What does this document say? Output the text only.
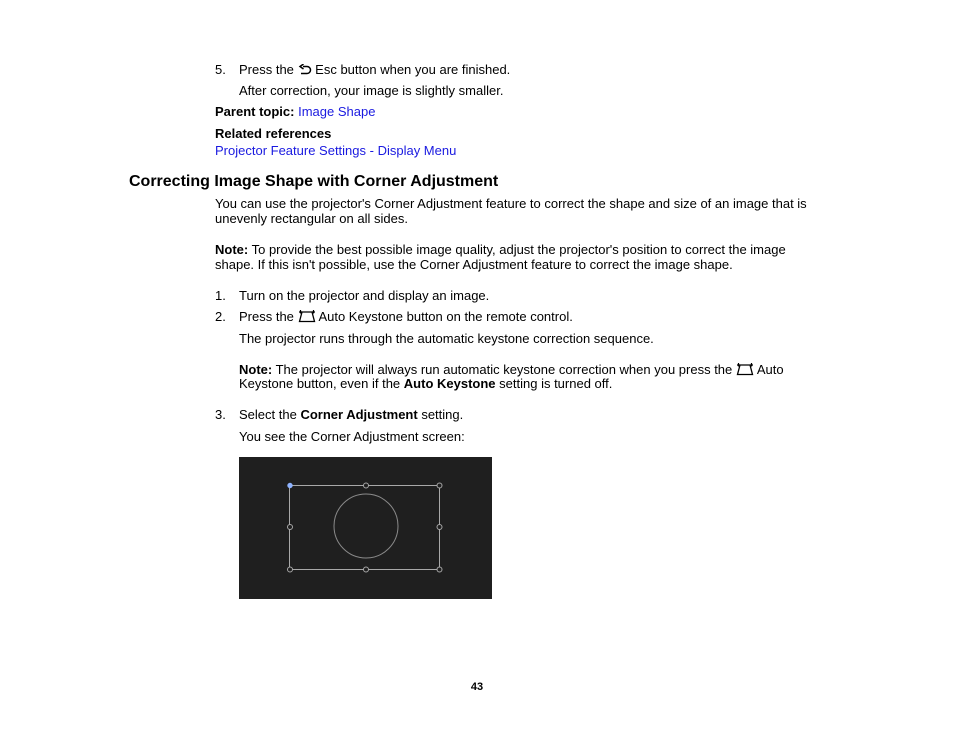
5. Press the Esc button when you are finished.
After correction, your image is slightly smaller.
Parent topic: Image Shape
Related references
Projector Feature Settings - Display Menu
Correcting Image Shape with Corner Adjustment
You can use the projector's Corner Adjustment feature to correct the shape and size of an image that is
unevenly rectangular on all sides.
Note: To provide the best possible image quality, adjust the projector's position to correct the image
shape. If this isn't possible, use the Corner Adjustment feature to correct the image shape.
1. Turn on the projector and display an image.
2. Press the Auto Keystone button on the remote control.
The projector runs through the automatic keystone correction sequence.
Note: The projector will always run automatic keystone correction when you press the Auto
Keystone button, even if the Auto Keystone setting is turned off.
3. Select the Corner Adjustment setting.
You see the Corner Adjustment screen:
43
